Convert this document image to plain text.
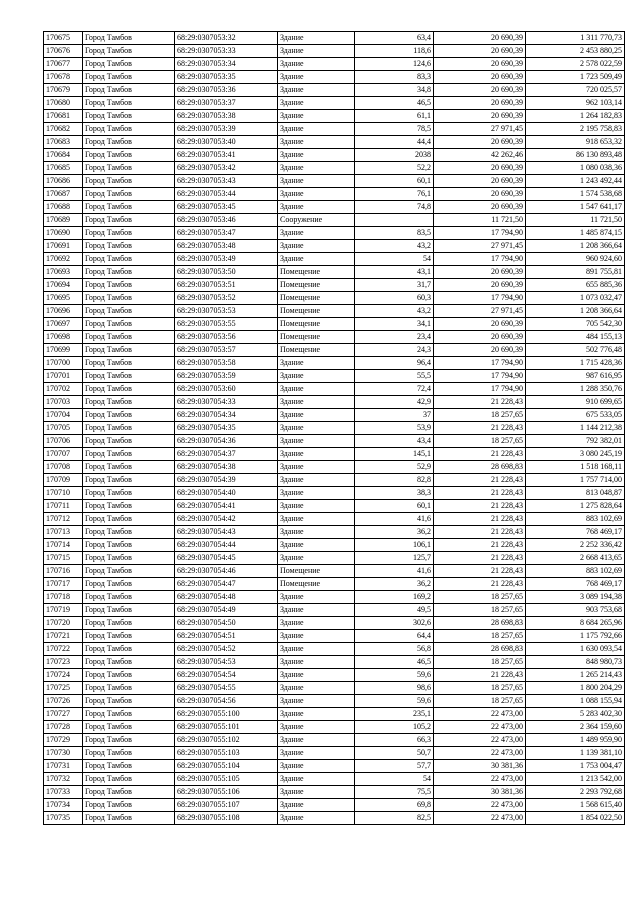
170675	Город Тамбов	68:29:0307053:32	Здание	63,4	20 690,39	1 311 770,73
170676	Город Тамбов	68:29:0307053:33	Здание	118,6	20 690,39	2 453 880,25
170677	Город Тамбов	68:29:0307053:34	Здание	124,6	20 690,39	2 578 022,59
170678	Город Тамбов	68:29:0307053:35	Здание	83,3	20 690,39	1 723 509,49
170679	Город Тамбов	68:29:0307053:36	Здание	34,8	20 690,39	720 025,57
170680	Город Тамбов	68:29:0307053:37	Здание	46,5	20 690,39	962 103,14
170681	Город Тамбов	68:29:0307053:38	Здание	61,1	20 690,39	1 264 182,83
170682	Город Тамбов	68:29:0307053:39	Здание	78,5	27 971,45	2 195 758,83
170683	Город Тамбов	68:29:0307053:40	Здание	44,4	20 690,39	918 653,32
170684	Город Тамбов	68:29:0307053:41	Здание	2038	42 262,46	86 130 893,48
170685	Город Тамбов	68:29:0307053:42	Здание	52,2	20 690,39	1 080 038,36
170686	Город Тамбов	68:29:0307053:43	Здание	60,1	20 690,39	1 243 492,44
170687	Город Тамбов	68:29:0307053:44	Здание	76,1	20 690,39	1 574 538,68
170688	Город Тамбов	68:29:0307053:45	Здание	74,8	20 690,39	1 547 641,17
170689	Город Тамбов	68:29:0307053:46	Сооружение		11 721,50	11 721,50
170690	Город Тамбов	68:29:0307053:47	Здание	83,5	17 794,90	1 485 874,15
170691	Город Тамбов	68:29:0307053:48	Здание	43,2	27 971,45	1 208 366,64
170692	Город Тамбов	68:29:0307053:49	Здание	54	17 794,90	960 924,60
170693	Город Тамбов	68:29:0307053:50	Помещение	43,1	20 690,39	891 755,81
170694	Город Тамбов	68:29:0307053:51	Помещение	31,7	20 690,39	655 885,36
170695	Город Тамбов	68:29:0307053:52	Помещение	60,3	17 794,90	1 073 032,47
170696	Город Тамбов	68:29:0307053:53	Помещение	43,2	27 971,45	1 208 366,64
170697	Город Тамбов	68:29:0307053:55	Помещение	34,1	20 690,39	705 542,30
170698	Город Тамбов	68:29:0307053:56	Помещение	23,4	20 690,39	484 155,13
170699	Город Тамбов	68:29:0307053:57	Помещение	24,3	20 690,39	502 776,48
170700	Город Тамбов	68:29:0307053:58	Здание	96,4	17 794,90	1 715 428,36
170701	Город Тамбов	68:29:0307053:59	Здание	55,5	17 794,90	987 616,95
170702	Город Тамбов	68:29:0307053:60	Здание	72,4	17 794,90	1 288 350,76
170703	Город Тамбов	68:29:0307054:33	Здание	42,9	21 228,43	910 699,65
170704	Город Тамбов	68:29:0307054:34	Здание	37	18 257,65	675 533,05
170705	Город Тамбов	68:29:0307054:35	Здание	53,9	21 228,43	1 144 212,38
170706	Город Тамбов	68:29:0307054:36	Здание	43,4	18 257,65	792 382,01
170707	Город Тамбов	68:29:0307054:37	Здание	145,1	21 228,43	3 080 245,19
170708	Город Тамбов	68:29:0307054:38	Здание	52,9	28 698,83	1 518 168,11
170709	Город Тамбов	68:29:0307054:39	Здание	82,8	21 228,43	1 757 714,00
170710	Город Тамбов	68:29:0307054:40	Здание	38,3	21 228,43	813 048,87
170711	Город Тамбов	68:29:0307054:41	Здание	60,1	21 228,43	1 275 828,64
170712	Город Тамбов	68:29:0307054:42	Здание	41,6	21 228,43	883 102,69
170713	Город Тамбов	68:29:0307054:43	Здание	36,2	21 228,43	768 469,17
170714	Город Тамбов	68:29:0307054:44	Здание	106,1	21 228,43	2 252 336,42
170715	Город Тамбов	68:29:0307054:45	Здание	125,7	21 228,43	2 668 413,65
170716	Город Тамбов	68:29:0307054:46	Помещение	41,6	21 228,43	883 102,69
170717	Город Тамбов	68:29:0307054:47	Помещение	36,2	21 228,43	768 469,17
170718	Город Тамбов	68:29:0307054:48	Здание	169,2	18 257,65	3 089 194,38
170719	Город Тамбов	68:29:0307054:49	Здание	49,5	18 257,65	903 753,68
170720	Город Тамбов	68:29:0307054:50	Здание	302,6	28 698,83	8 684 265,96
170721	Город Тамбов	68:29:0307054:51	Здание	64,4	18 257,65	1 175 792,66
170722	Город Тамбов	68:29:0307054:52	Здание	56,8	28 698,83	1 630 093,54
170723	Город Тамбов	68:29:0307054:53	Здание	46,5	18 257,65	848 980,73
170724	Город Тамбов	68:29:0307054:54	Здание	59,6	21 228,43	1 265 214,43
170725	Город Тамбов	68:29:0307054:55	Здание	98,6	18 257,65	1 800 204,29
170726	Город Тамбов	68:29:0307054:56	Здание	59,6	18 257,65	1 088 155,94
170727	Город Тамбов	68:29:0307055:100	Здание	235,1	22 473,00	5 283 402,30
170728	Город Тамбов	68:29:0307055:101	Здание	105,2	22 473,00	2 364 159,60
170729	Город Тамбов	68:29:0307055:102	Здание	66,3	22 473,00	1 489 959,90
170730	Город Тамбов	68:29:0307055:103	Здание	50,7	22 473,00	1 139 381,10
170731	Город Тамбов	68:29:0307055:104	Здание	57,7	30 381,36	1 753 004,47
170732	Город Тамбов	68:29:0307055:105	Здание	54	22 473,00	1 213 542,00
170733	Город Тамбов	68:29:0307055:106	Здание	75,5	30 381,36	2 293 792,68
170734	Город Тамбов	68:29:0307055:107	Здание	69,8	22 473,00	1 568 615,40
170735	Город Тамбов	68:29:0307055:108	Здание	82,5	22 473,00	1 854 022,50
